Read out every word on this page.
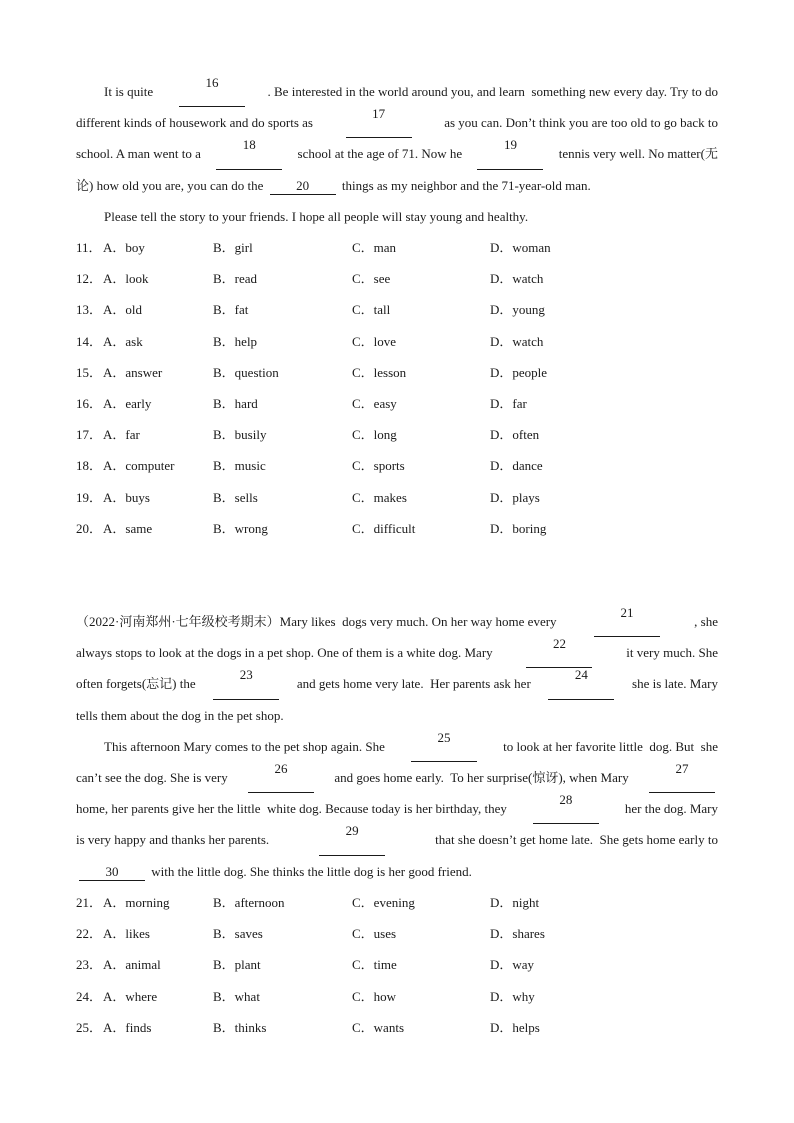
It is quite
16
. Be interested in the world around you, and learn  something new every day. Try to do
different kinds of housework and do sports as
17
as you can. Don’t think you are too old to go back to
school. A man went to a
18
school at the age of 71. Now he
19
tennis very well. No matter(无
论) how old you are, you can do the 20 things as my neighbor and the 71-year-old man.
Please tell the story to your friends. I hope all people will stay young and healthy.
11． A．boy	B．girl	C．man	D．woman
12． A．look	B．read	C．see	D．watch
13． A．old	B．fat	C．tall	D．young
14． A．ask	B．help	C．love	D．watch
15． A．answer	B．question	C．lesson	D．people
16． A．early	B．hard	C．easy	D．far
17． A．far	B．busily	C．long	D．often
18． A．computer	B．music	C．sports	D．dance
19． A．buys	B．sells	C．makes	D．plays
20． A．same	B．wrong	C．difficult	D．boring
（2022·河南郑州·七年级校考期末）Mary likes  dogs very much. On her way home every
21
, she
always stops to look at the dogs in a pet shop. One of them is a white dog. Mary
22
it very much. She
often forgets(忘记) the
23
and gets home very late.  Her parents ask her
24
she is late. Mary
tells them about the dog in the pet shop.
This afternoon Mary comes to the pet shop again. She
25
to look at her favorite little  dog. But  she
can’t see the dog. She is very
26
and goes home early.  To her surprise(惊讶), when Mary
27
home, her parents give her the little  white dog. Because today is her birthday, they
28
her the dog. Mary
is very happy and thanks her parents.
29
that she doesn’t get home late.  She gets home early to
30 with the little dog. She thinks the little dog is her good friend.
21． A．morning	B．afternoon	C．evening	D．night
22． A．likes	B．saves	C．uses	D．shares
23． A．animal	B．plant	C．time	D．way
24． A．where	B．what	C．how	D．why
25． A．finds	B．thinks	C．wants	D．helps
